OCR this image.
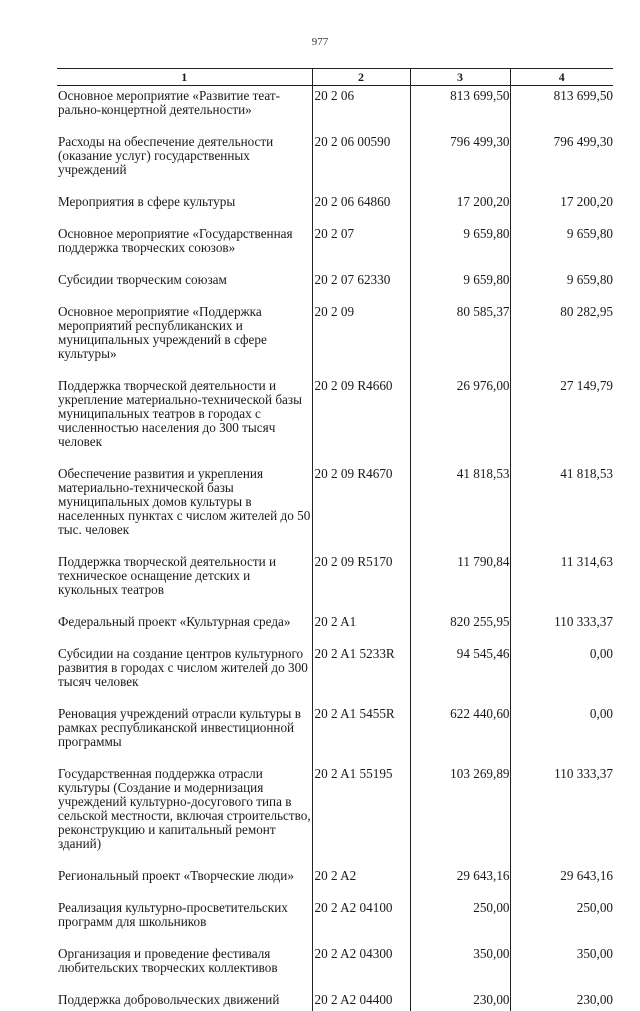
977
1	2	3	4
Основное мероприятие «Развитие театрально-концертной деятельности»	20 2 06	813 699,50	813 699,50
Расходы на обеспечение деятельности (оказание услуг) государственных учреждений	20 2 06 00590	796 499,30	796 499,30
Мероприятия в сфере культуры	20 2 06 64860	17 200,20	17 200,20
Основное мероприятие «Государственная поддержка творческих союзов»	20 2 07	9 659,80	9 659,80
Субсидии творческим союзам	20 2 07 62330	9 659,80	9 659,80
Основное мероприятие «Поддержка мероприятий республиканских и муниципальных учреждений в сфере культуры»	20 2 09	80 585,37	80 282,95
Поддержка творческой деятельности и укрепление материально-технической базы муниципальных театров в городах с численностью населения до 300 тысяч человек	20 2 09 R4660	26 976,00	27 149,79
Обеспечение развития и укрепления материально-технической базы муниципальных домов культуры в населенных пунктах с числом жителей до 50 тыс. человек	20 2 09 R4670	41 818,53	41 818,53
Поддержка творческой деятельности и техническое оснащение детских и кукольных театров	20 2 09 R5170	11 790,84	11 314,63
Федеральный проект «Культурная среда»	20 2 A1	820 255,95	110 333,37
Субсидии на создание центров культурного развития в городах с числом жителей до 300 тысяч человек	20 2 A1 5233R	94 545,46	0,00
Реновация учреждений отрасли культуры в рамках республиканской инвестиционной программы	20 2 A1 5455R	622 440,60	0,00
Государственная поддержка отрасли культуры (Создание и модернизация учреждений культурно-досугового типа в сельской местности, включая строительство, реконструкцию и капитальный ремонт зданий)	20 2 A1 55195	103 269,89	110 333,37
Региональный проект «Творческие люди»	20 2 A2	29 643,16	29 643,16
Реализация культурно-просветительских программ для школьников	20 2 A2 04100	250,00	250,00
Организация и проведение фестиваля любительских творческих коллективов	20 2 A2 04300	350,00	350,00
Поддержка добровольческих движений	20 2 A2 04400	230,00	230,00
